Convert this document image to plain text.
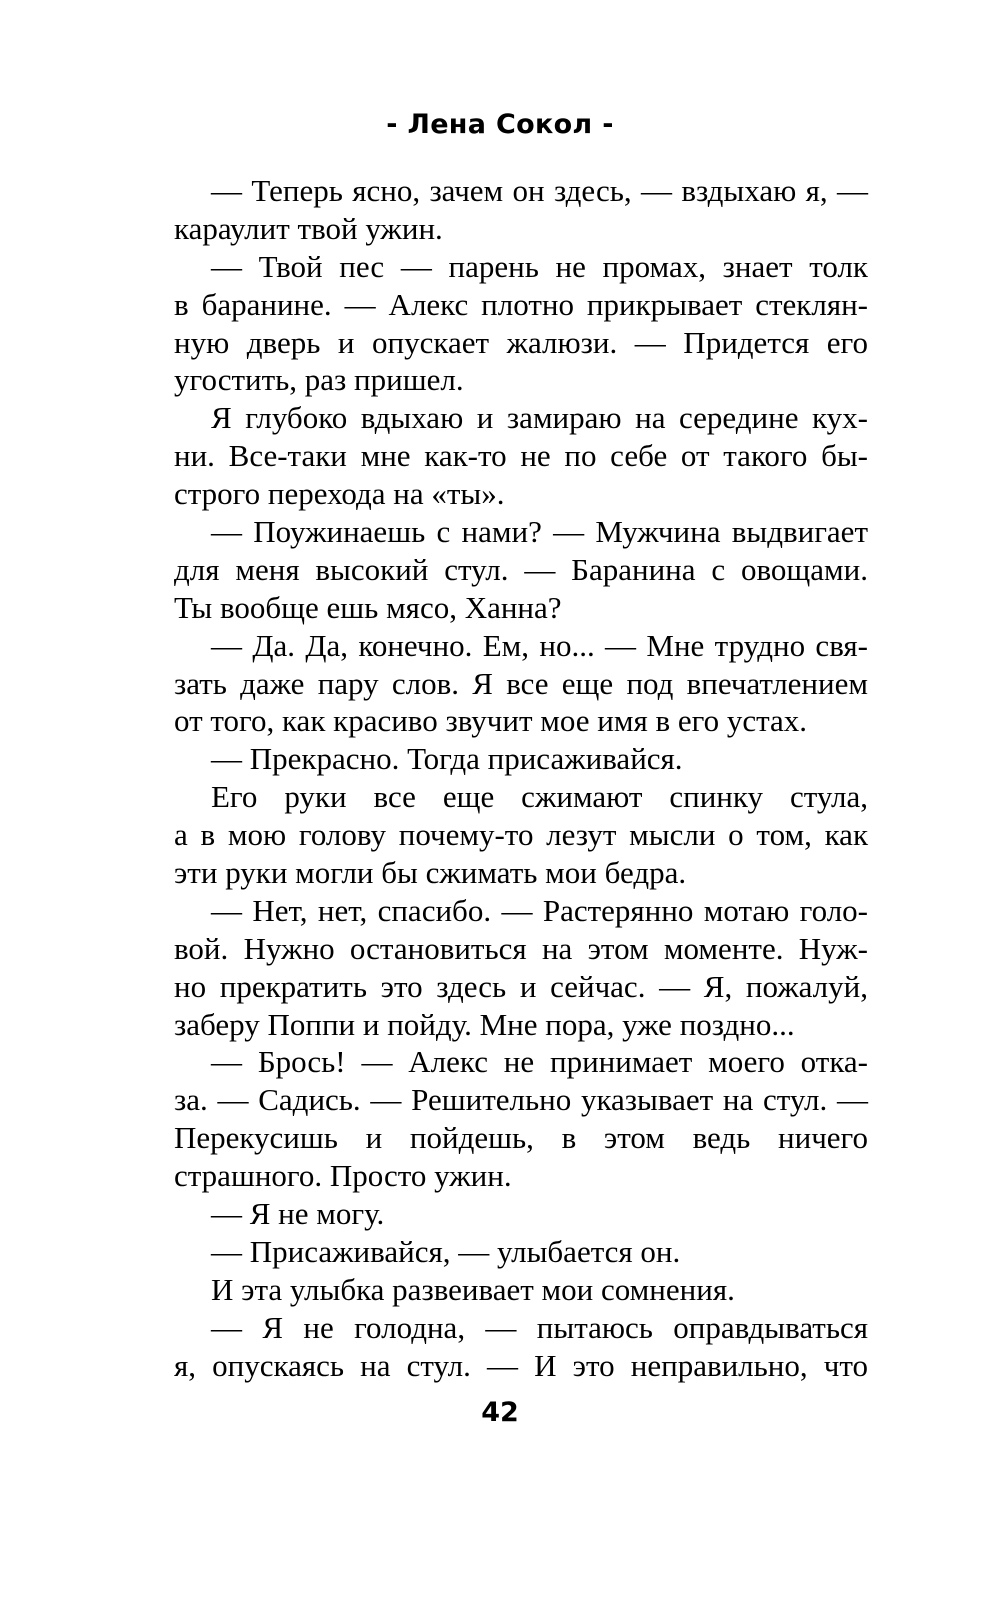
- Лена Сокол -
— Теперь ясно, зачем он здесь, — вздыхаю я, —
караулит твой ужин.
— Твой пес — парень не промах, знает толк
в баранине. — Алекс плотно прикрывает стеклян-
ную дверь и опускает жалюзи. — Придется его
угостить, раз пришел.
Я глубоко вдыхаю и замираю на середине кух-
ни. Все-таки мне как-то не по себе от такого бы-
строго перехода на «ты».
— Поужинаешь с нами? — Мужчина выдвигает
для меня высокий стул. — Баранина с овощами.
Ты вообще ешь мясо, Ханна?
— Да. Да, конечно. Ем, но... — Мне трудно свя-
зать даже пару слов. Я все еще под впечатлением
от того, как красиво звучит мое имя в его устах.
— Прекрасно. Тогда присаживайся.
Его руки все еще сжимают спинку стула,
а в мою голову почему-то лезут мысли о том, как
эти руки могли бы сжимать мои бедра.
— Нет, нет, спасибо. — Растерянно мотаю голо-
вой. Нужно остановиться на этом моменте. Нуж-
но прекратить это здесь и сейчас. — Я, пожалуй,
заберу Поппи и пойду. Мне пора, уже поздно...
— Брось! — Алекс не принимает моего отка-
за. — Садись. — Решительно указывает на стул. —
Перекусишь и пойдешь, в этом ведь ничего
страшного. Просто ужин.
— Я не могу.
— Присаживайся, — улыбается он.
И эта улыбка развеивает мои сомнения.
— Я не голодна, — пытаюсь оправдываться
я, опускаясь на стул. — И это неправильно, что
42
